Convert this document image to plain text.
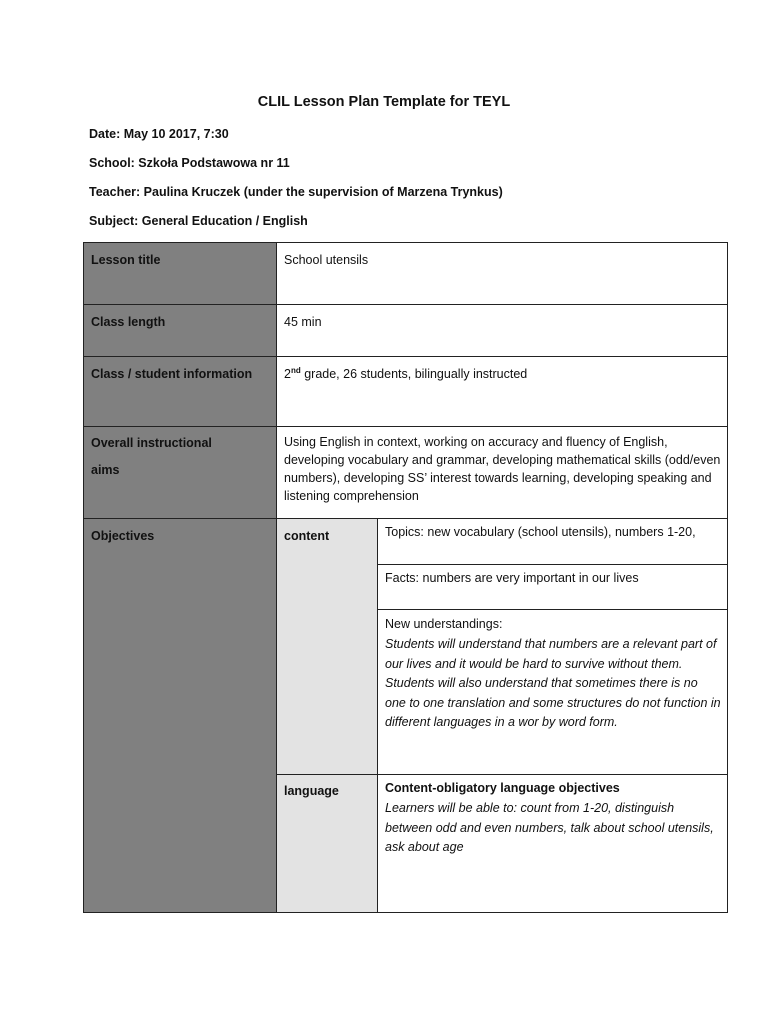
CLIL Lesson Plan Template for TEYL
Date: May 10 2017, 7:30
School: Szkoła Podstawowa nr 11
Teacher: Paulina Kruczek (under the supervision of Marzena Trynkus)
Subject: General Education / English
Lesson title	School utensils	
Class length	45 min	
Class / student information	2nd grade, 26 students, bilingually instructed	

Overall instructional
aims	Using English in context, working on accuracy and fluency of English, developing vocabulary and grammar, developing mathematical skills (odd/even numbers), developing SS’ interest towards learning, developing speaking and listening comprehension	
Objectives	content	Topics: new vocabulary (school utensils), numbers 1-20,
		Facts: numbers are very important in our lives

		New understandings:
Students will understand that numbers are a relevant part of our lives and it would be hard to survive without them. Students will also understand that sometimes there is no one to one translation and some structures do not function in different languages in a wor by word form.

	language	Content-obligatory language objectives
Learners will be able to: count from 1-20, distinguish between odd and even numbers, talk about school utensils, ask about age
